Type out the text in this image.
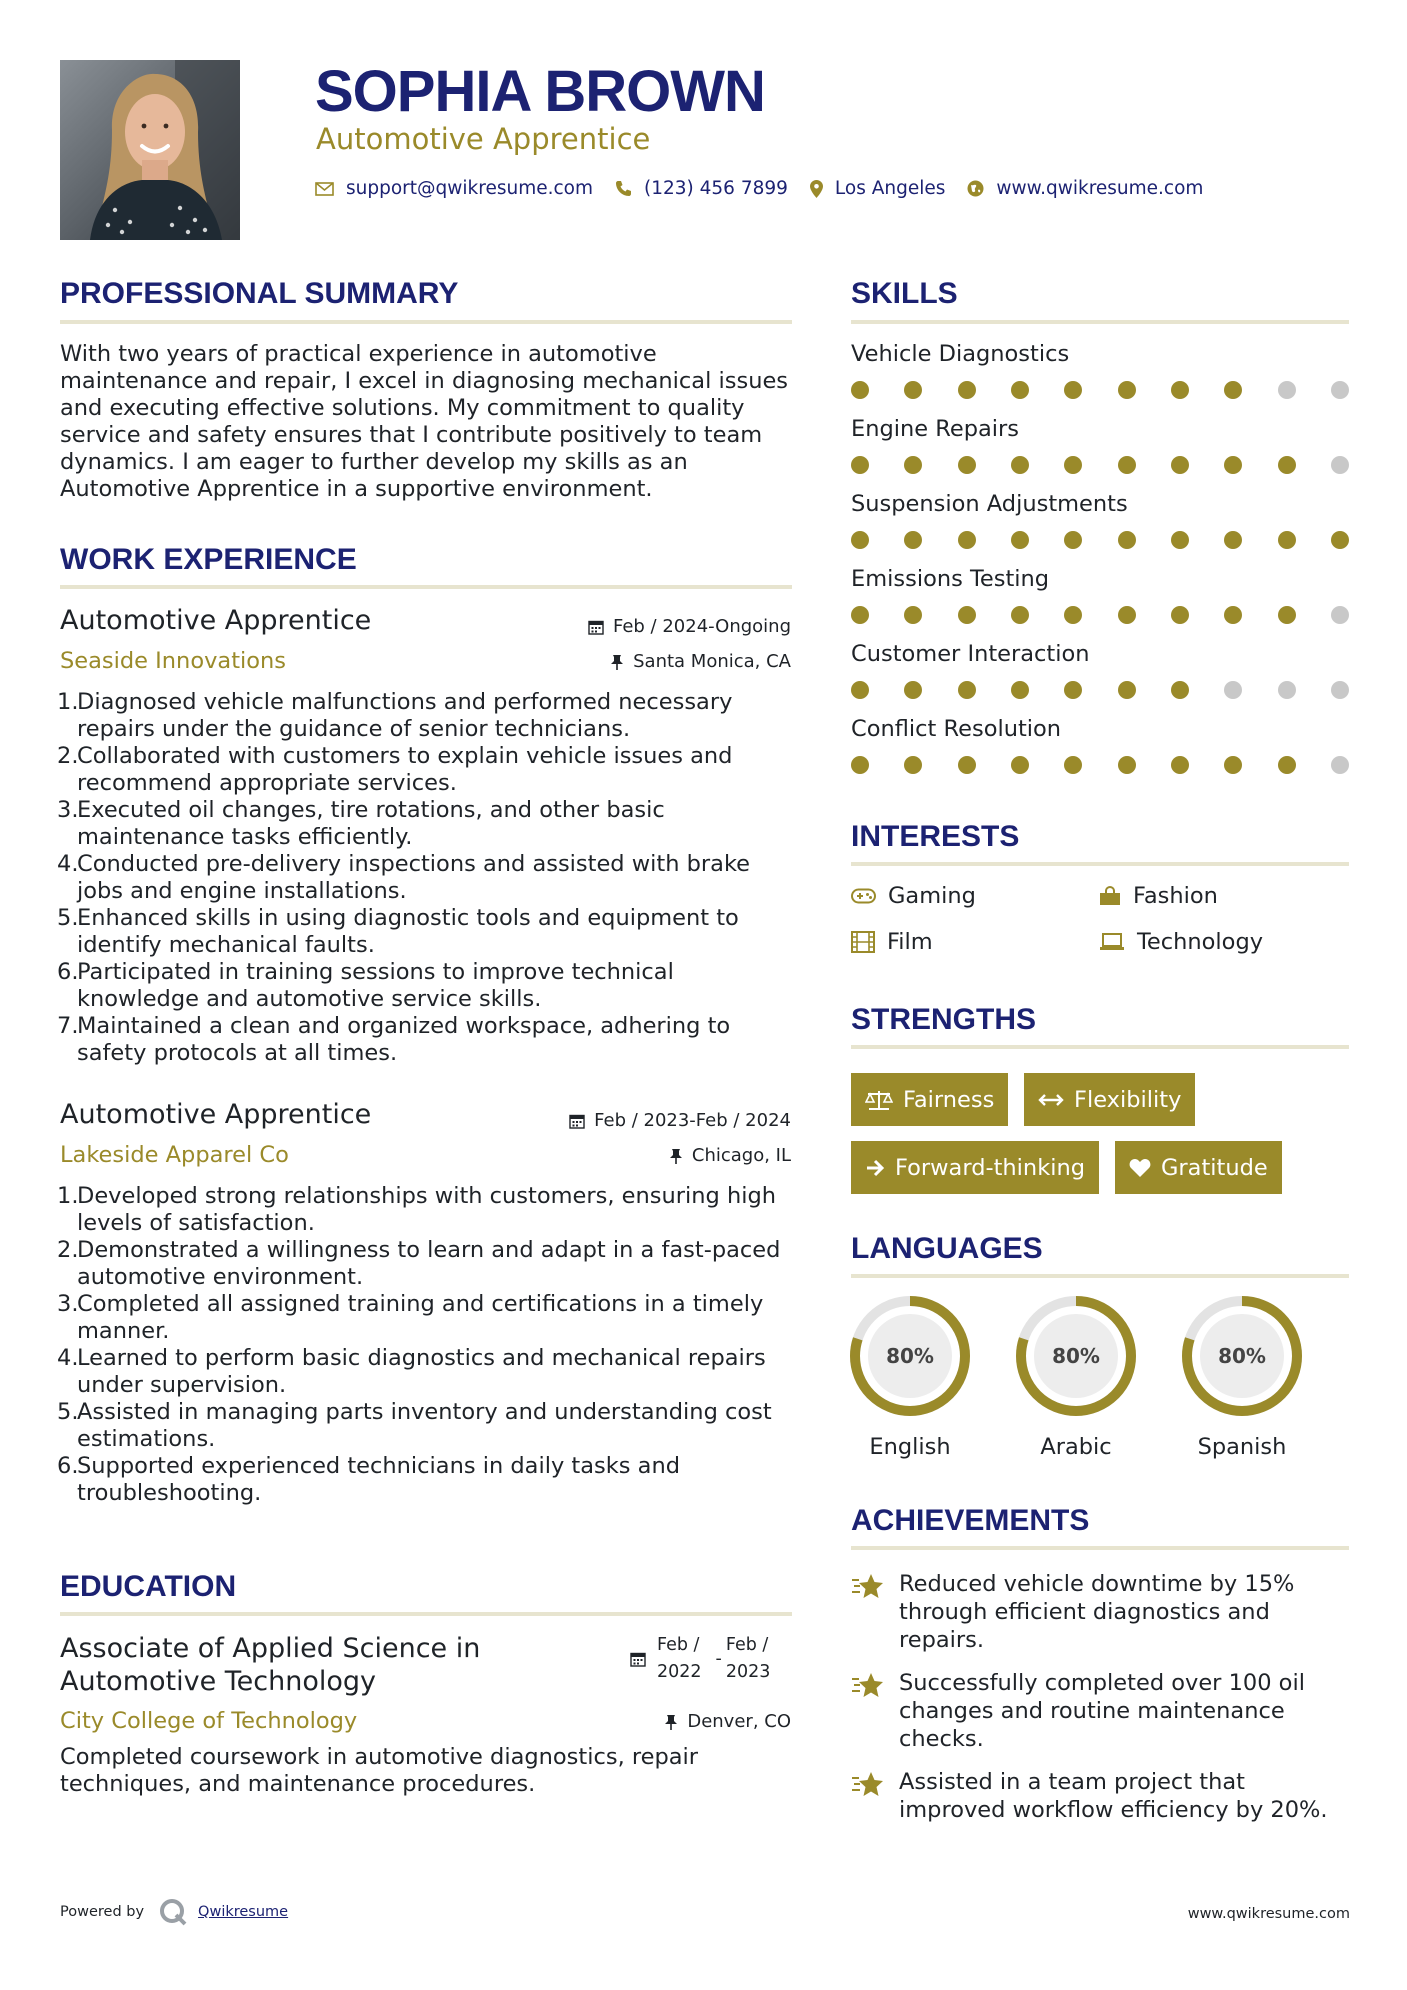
SOPHIA BROWN
Automotive Apprentice
support@qwikresume.com	(123) 456 7899	Los Angeles	www.qwikresume.com
PROFESSIONAL SUMMARY
With two years of practical experience in automotive
maintenance and repair, I excel in diagnosing mechanical issues
and executing effective solutions. My commitment to quality
service and safety ensures that I contribute positively to team
dynamics. I am eager to further develop my skills as an
Automotive Apprentice in a supportive environment.
WORK EXPERIENCE
Automotive Apprentice	Feb / 2024-Ongoing
Seaside Innovations	Santa Monica, CA
1.
Diagnosed vehicle malfunctions and performed necessary
repairs under the guidance of senior technicians.
2.
Collaborated with customers to explain vehicle issues and
recommend appropriate services.
3.
Executed oil changes, tire rotations, and other basic
maintenance tasks efficiently.
4.
Conducted pre-delivery inspections and assisted with brake
jobs and engine installations.
5.
Enhanced skills in using diagnostic tools and equipment to
identify mechanical faults.
6.
Participated in training sessions to improve technical
knowledge and automotive service skills.
7.
Maintained a clean and organized workspace, adhering to
safety protocols at all times.
Automotive Apprentice	Feb / 2023-Feb / 2024
Lakeside Apparel Co	Chicago, IL
1.
Developed strong relationships with customers, ensuring high
levels of satisfaction.
2.
Demonstrated a willingness to learn and adapt in a fast-paced
automotive environment.
3.
Completed all assigned training and certifications in a timely
manner.
4.
Learned to perform basic diagnostics and mechanical repairs
under supervision.
5.
Assisted in managing parts inventory and understanding cost
estimations.
6.
Supported experienced technicians in daily tasks and
troubleshooting.
EDUCATION
Associate of Applied Science in
Automotive Technology
Feb /
2022
-
Feb /
2023
City College of Technology	Denver, CO
Completed coursework in automotive diagnostics, repair
techniques, and maintenance procedures.
SKILLS
Vehicle Diagnostics
Engine Repairs
Suspension Adjustments
Emissions Testing
Customer Interaction
Conflict Resolution
INTERESTS
Gaming	Fashion
Film	Technology
STRENGTHS
Fairness	Flexibility
Forward-thinking	Gratitude
LANGUAGES
80%
English
80%
Arabic
80%
Spanish
ACHIEVEMENTS
Reduced vehicle downtime by 15%
through efficient diagnostics and
repairs.
Successfully completed over 100 oil
changes and routine maintenance
checks.
Assisted in a team project that
improved workflow efficiency by 20%.
Powered by	Qwikresume	www.qwikresume.com
